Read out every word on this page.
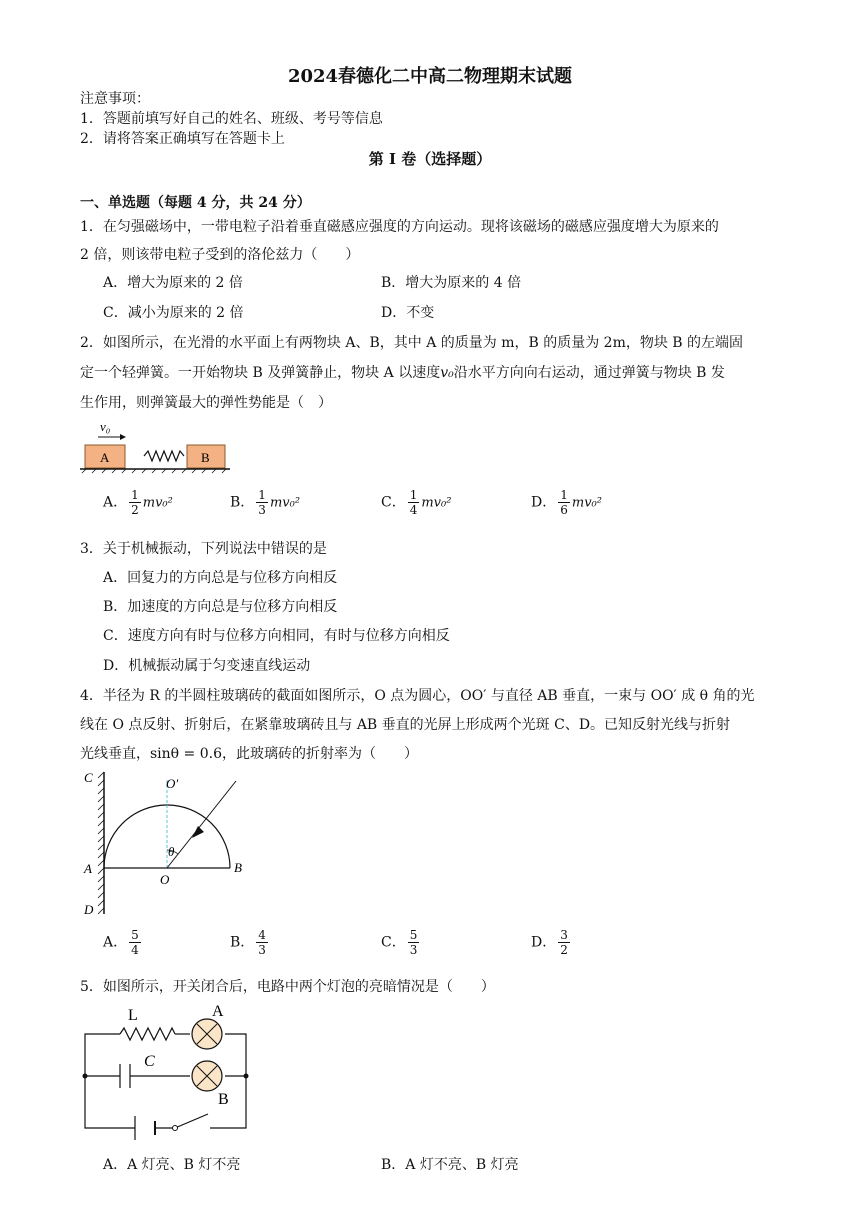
2024春德化二中高二物理期末试题
注意事项：
1．答题前填写好自己的姓名、班级、考号等信息
2．请将答案正确填写在答题卡上
第 I 卷（选择题）
一、单选题（每题 4 分，共 24 分）
1．在匀强磁场中，一带电粒子沿着垂直磁感应强度的方向运动。现将该磁场的磁感应强度增大为原来的
2 倍，则该带电粒子受到的洛伦兹力（　　）
A．增大为原来的 2 倍	B．增大为原来的 4 倍
C．减小为原来的 2 倍	D．不变
2．如图所示，在光滑的水平面上有两物块 A、B，其中 A 的质量为 m，B 的质量为 2m，物块 B 的左端固
定一个轻弹簧。一开始物块 B 及弹簧静止，物块 A 以速度v₀沿水平方向向右运动，通过弹簧与物块 B 发
生作用，则弹簧最大的弹性势能是（　）
v₀
A	B
A． $\frac{1}{2} mv_0^2$	B． $\frac{1}{3} mv_0^2$	C． $\frac{1}{4} mv_0^2$	D． $\frac{1}{6} mv_0^2$
3．关于机械振动，下列说法中错误的是
A．回复力的方向总是与位移方向相反
B．加速度的方向总是与位移方向相反
C．速度方向有时与位移方向相同，有时与位移方向相反
D．机械振动属于匀变速直线运动
4．半径为 R 的半圆柱玻璃砖的截面如图所示，O 点为圆心，OO′ 与直径 AB 垂直，一束与 OO′ 成 θ 角的光
线在 O 点反射、折射后，在紧靠玻璃砖且与 AB 垂直的光屏上形成两个光斑 C、D。已知反射光线与折射
光线垂直，sinθ = 0.6，此玻璃砖的折射率为（　　）
C	O′
θ
A
O
B
D
A． $\frac{5}{4}$	B． $\frac{4}{3}$	C． $\frac{5}{3}$	D． $\frac{3}{2}$
5．如图所示，开关闭合后，电路中两个灯泡的亮暗情况是（　　）
L	A
C
B
A．A 灯亮、B 灯不亮	B．A 灯不亮、B 灯亮
